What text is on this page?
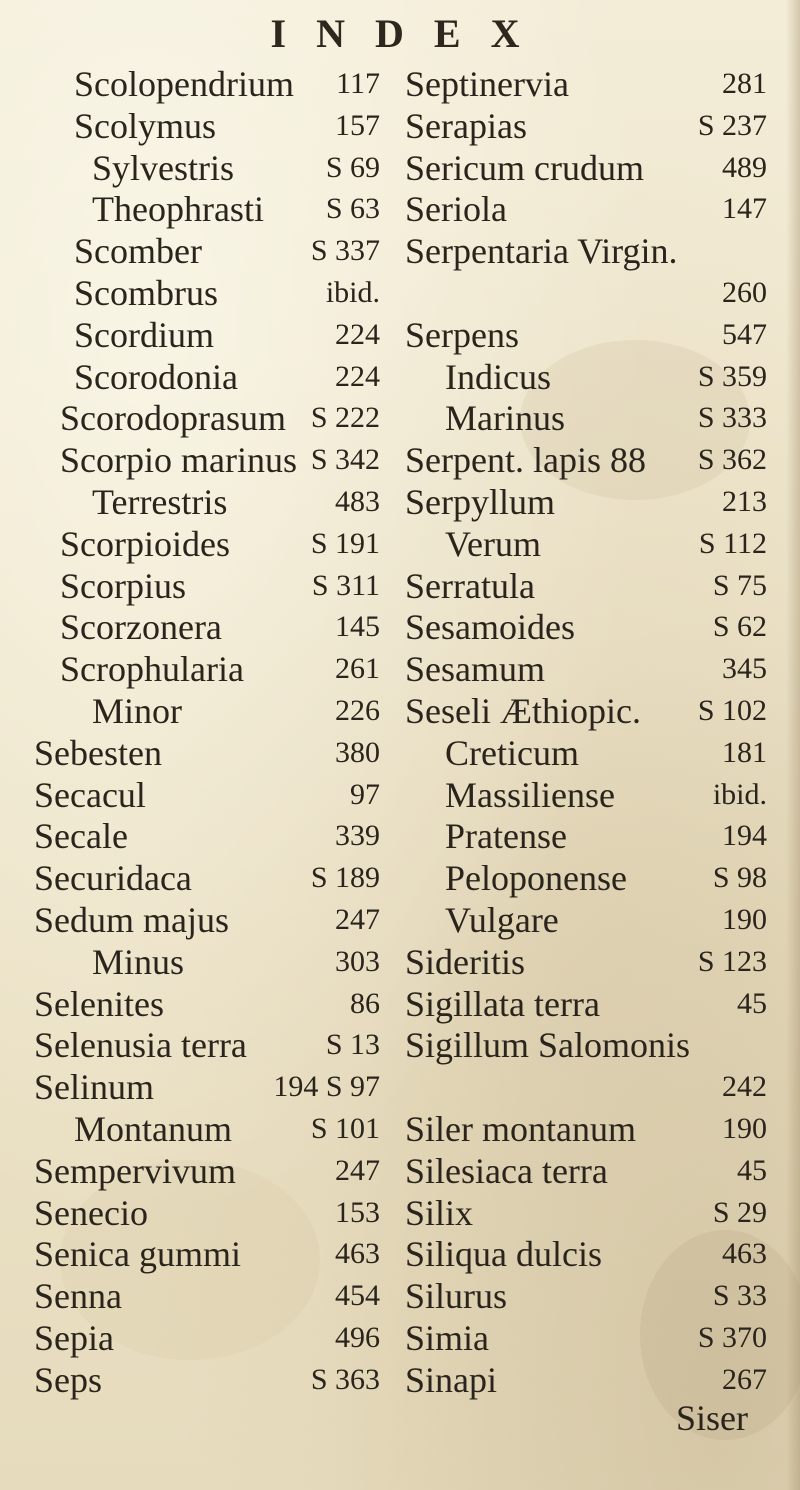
I N D E X
Scolopendrium 117
Scolymus	157
Sylvestris	S 69
Theophrasti S 63
Scomber	S 337
Scombrus	ibid.
Scordium	224
Scorodonia	224
Scorodoprasum S 222
Scorpio marinus S 342
Terrestris	483
Scorpioides	S 191
Scorpius	S 311
Scorzonera	145
Scrophularia	261
Minor	226
Sebesten	380
Secacul	97
Secale	339
Securidaca	S 189
Sedum majus	247
Minus	303
Selenites	86
Selenusia terra	S 13
Selinum	194 S 97
Montanum	S 101
Sempervivum	247
Senecio	153
Senica gummi	463
Senna	454
Sepia	496
Seps	S 363
Septinervia	281
Serapias	S 237
Sericum crudum	489
Seriola	147
Serpentaria Virgin.
260
Serpens	547
Indicus	S 359
Marinus	S 333
Serpent. lapis 88 S 362
Serpyllum	213
Verum	S 112
Serratula	S 75
Sesamoides	S 62
Sesamum	345
Seseli Æthiopic. S 102
Creticum	181
Massiliense	ibid.
Pratense	194
Peloponense	S 98
Vulgare	190
Sideritis	S 123
Sigillata terra	45
Sigillum Salomonis
242
Siler montanum	190
Silesiaca terra	45
Silix	S 29
Siliqua dulcis	463
Silurus	S 33
Simia	S 370
Sinapi	267
Siser
